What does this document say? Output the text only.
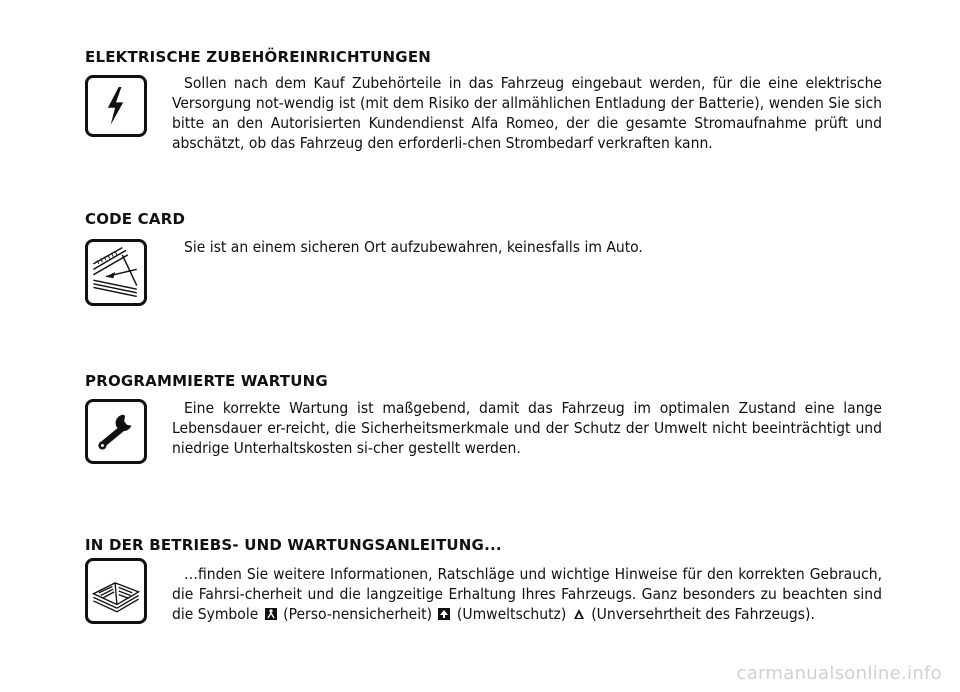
ELEKTRISCHE ZUBEHÖREINRICHTUNGEN
Sollen nach dem Kauf Zubehörteile in das Fahrzeug eingebaut werden, für die eine elektrische Versorgung not-wendig ist (mit dem Risiko der allmählichen Entladung der Batterie), wenden Sie sich bitte an den Autorisierten Kundendienst Alfa Romeo, der die gesamte Stromaufnahme prüft und abschätzt, ob das Fahrzeug den erforderli-chen Strombedarf verkraften kann.
CODE CARD
Sie ist an einem sicheren Ort aufzubewahren, keinesfalls im Auto.
PROGRAMMIERTE WARTUNG
Eine korrekte Wartung ist maßgebend, damit das Fahrzeug im optimalen Zustand eine lange Lebensdauer er-reicht, die Sicherheitsmerkmale und der Schutz der Umwelt nicht beeinträchtigt und niedrige Unterhaltskosten si-cher gestellt werden.
IN DER BETRIEBS- UND WARTUNGSANLEITUNG...
…finden Sie weitere Informationen, Ratschläge und wichtige Hinweise für den korrekten Gebrauch, die Fahrsi-cherheit und die langzeitige Erhaltung Ihres Fahrzeugs. Ganz besonders zu beachten sind die Symbole (Perso-nensicherheit) (Umweltschutz) (Unversehrtheit des Fahrzeugs).
carmanualsonline.info
